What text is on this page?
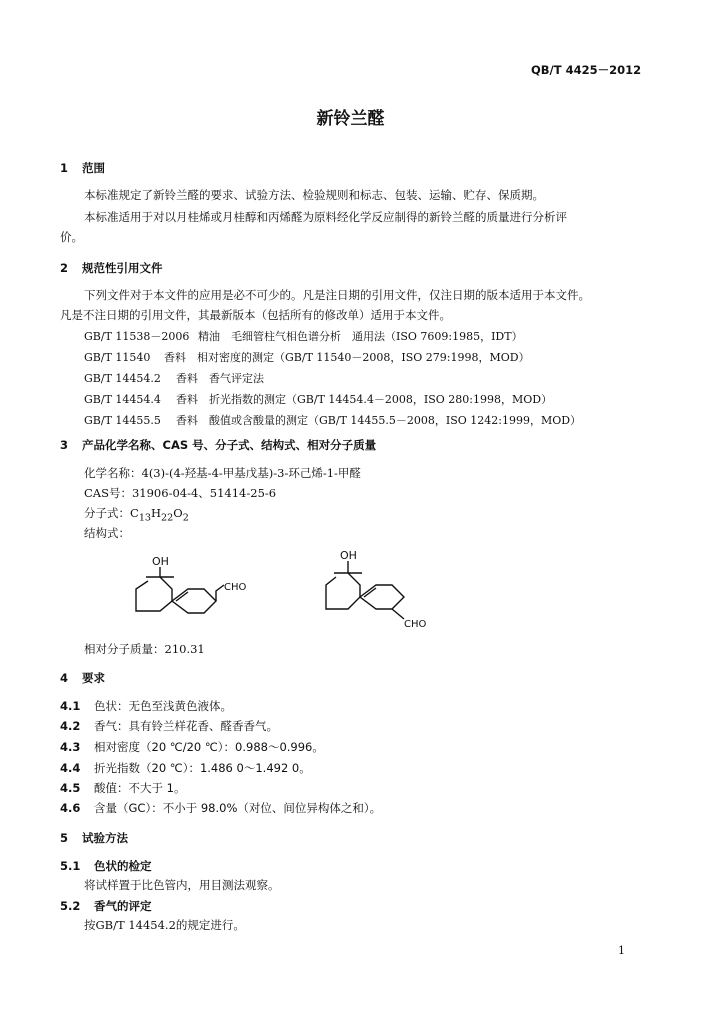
QB/T 4425－2012
新铃兰醛
1 范围
本标准规定了新铃兰醛的要求、试验方法、检验规则和标志、包装、运输、贮存、保质期。
本标准适用于对以月桂烯或月桂醇和丙烯醛为原料经化学反应制得的新铃兰醛的质量进行分析评
价。
2 规范性引用文件
下列文件对于本文件的应用是必不可少的。凡是注日期的引用文件，仅注日期的版本适用于本文件。
凡是不注日期的引用文件，其最新版本（包括所有的修改单）适用于本文件。
GB/T 11538－2006 精油　毛细管柱气相色谱分析　通用法（ISO 7609:1985，IDT）
GB/T 11540 香料　相对密度的测定（GB/T 11540－2008，ISO 279:1998，MOD）
GB/T 14454.2 香料　香气评定法
GB/T 14454.4 香料　折光指数的测定（GB/T 14454.4－2008，ISO 280:1998，MOD）
GB/T 14455.5 香料　酸值或含酸量的测定（GB/T 14455.5－2008，ISO 1242:1999，MOD）
3 产品化学名称、CAS 号、分子式、结构式、相对分子质量
化学名称：4(3)-(4-羟基-4-甲基戊基)-3-环己烯-1-甲醛
CAS号：31906-04-4、51414-25-6
分子式：$C_{13}H_{22}O_2$
结构式：
OH
CHO
OH
CHO
相对分子质量：210.31
4 要求
4.1 色状：无色至浅黄色液体。
4.2 香气：具有铃兰样花香、醛香香气。
4.3 相对密度（20 ℃/20 ℃）：0.988～0.996。
4.4 折光指数（20 ℃）：1.486 0～1.492 0。
4.5 酸值：不大于 1。
4.6 含量（GC）：不小于 98.0%（对位、间位异构体之和）。
5 试验方法
5.1 色状的检定
将试样置于比色管内，用目测法观察。
5.2 香气的评定
按GB/T 14454.2的规定进行。
1
